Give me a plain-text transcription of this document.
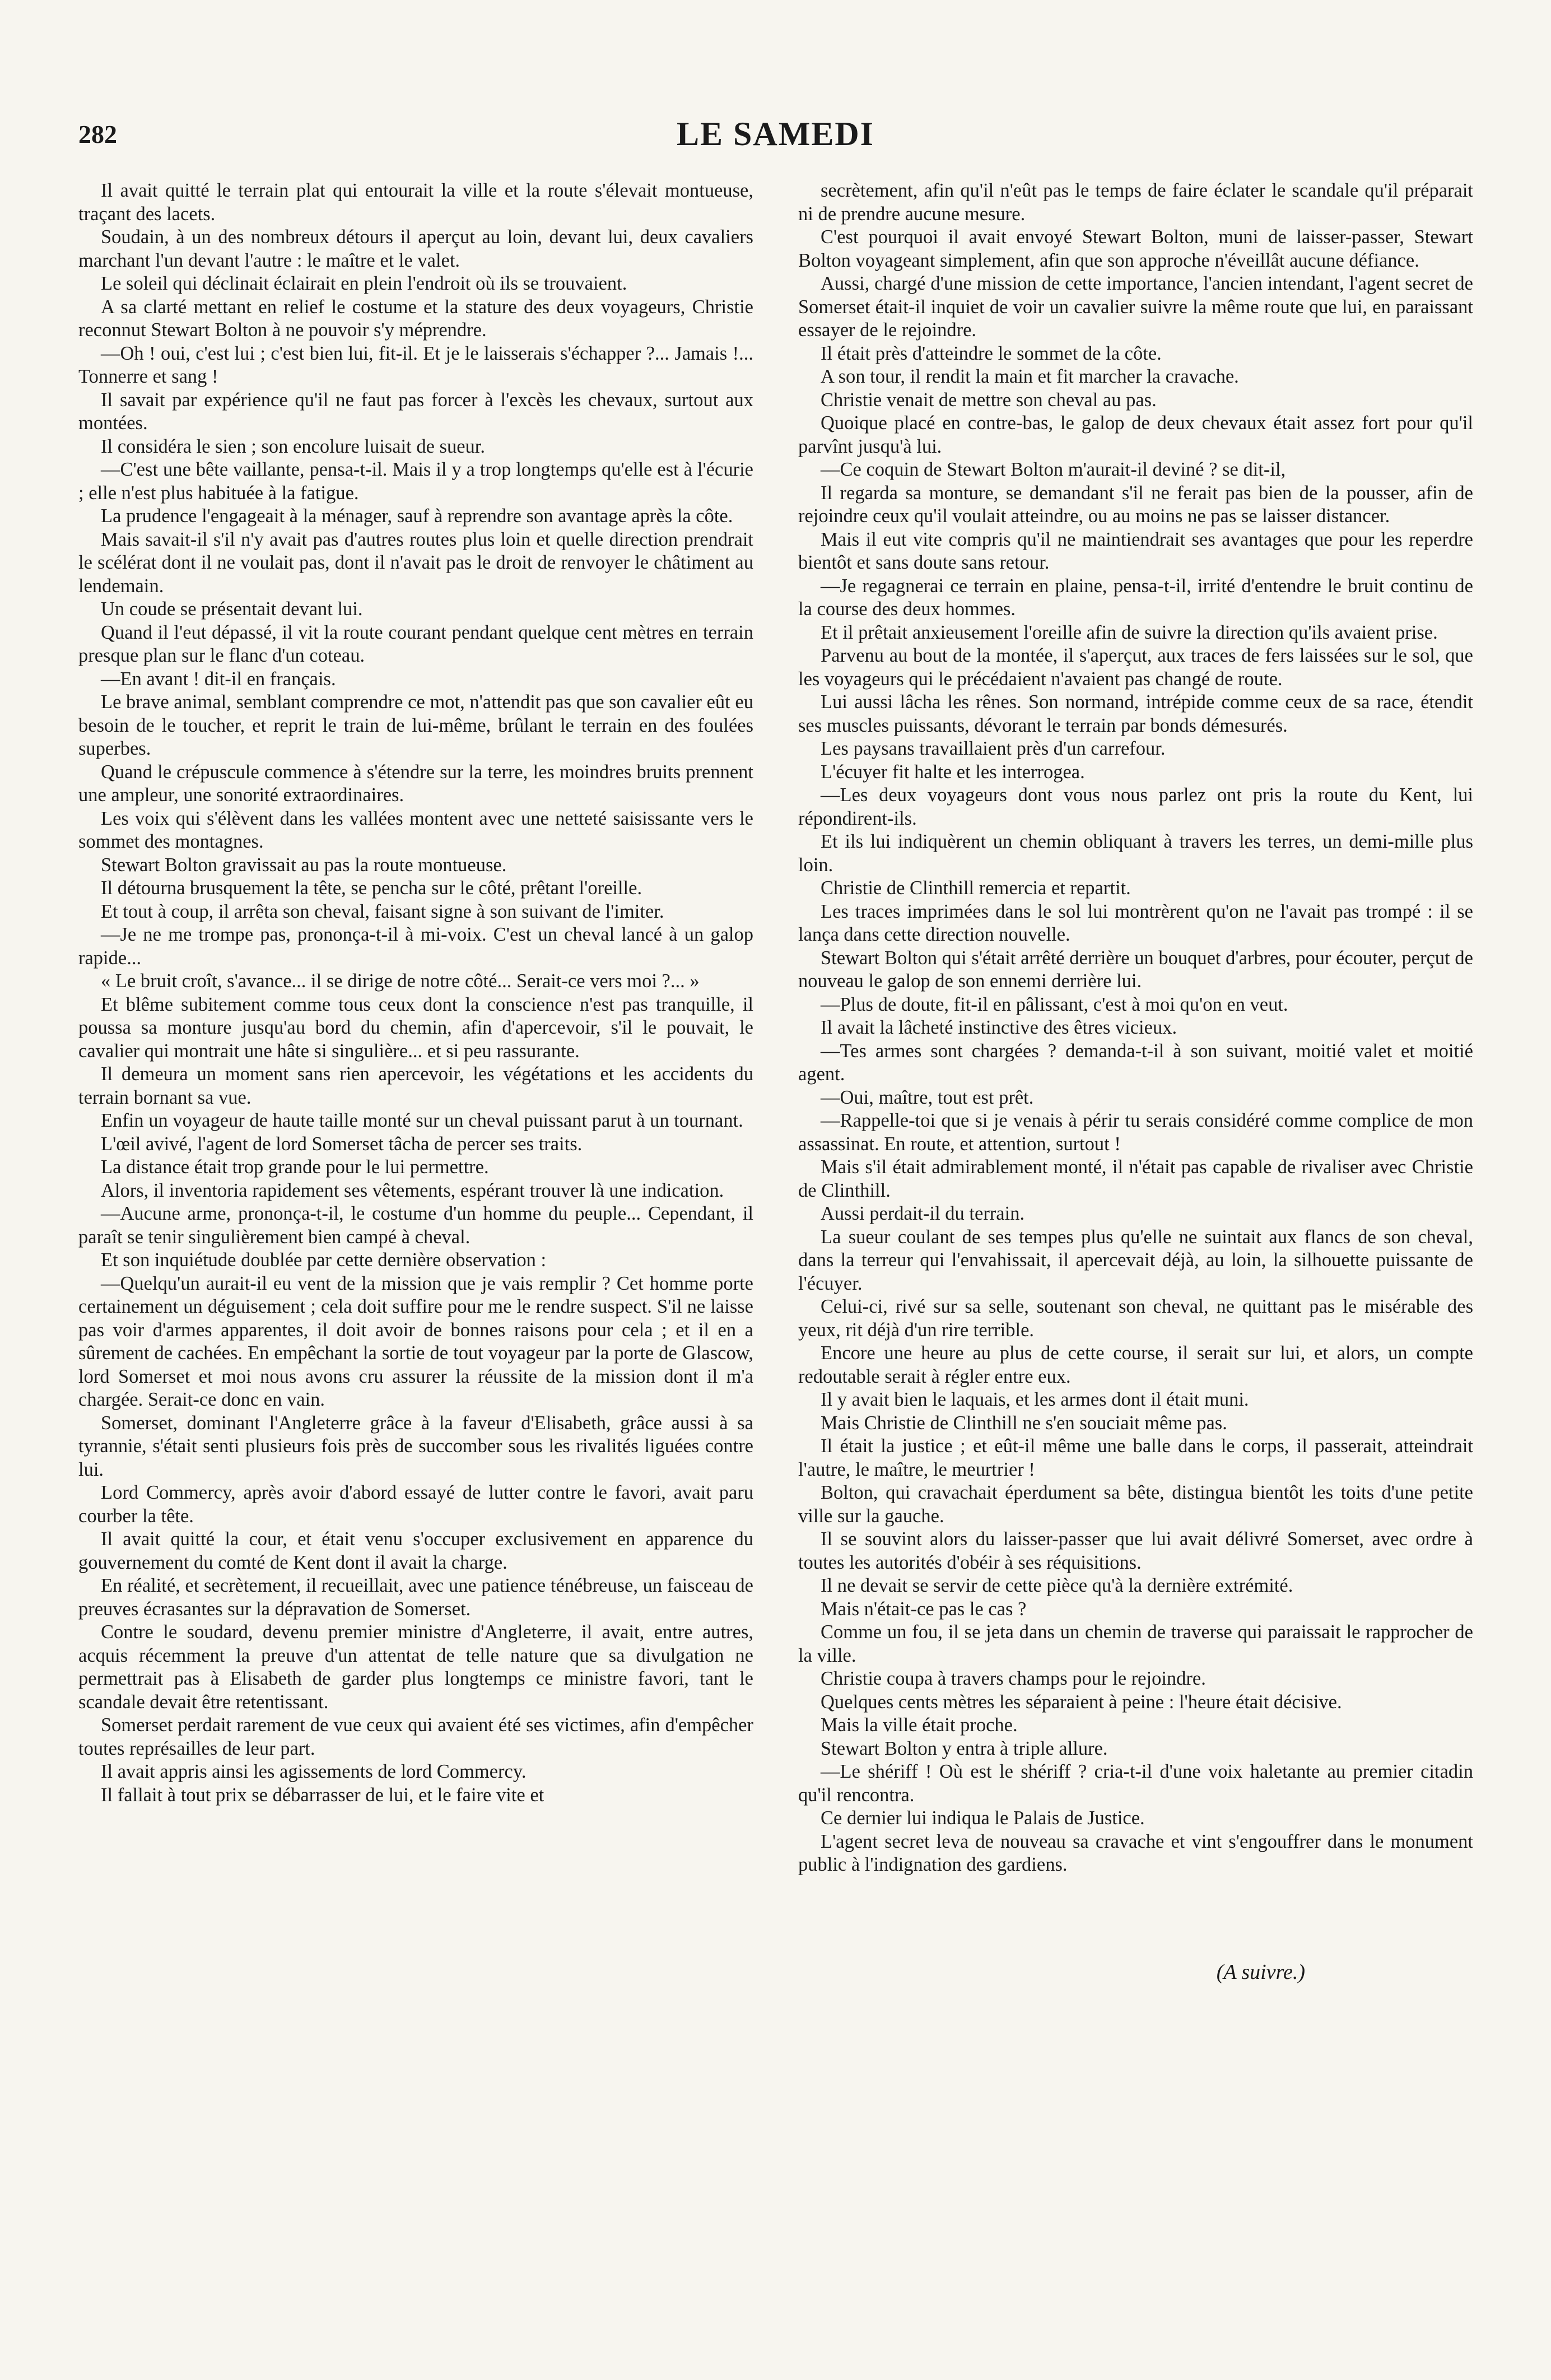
282	LE SAMEDI

Il avait quitté le terrain plat qui entourait la ville et la route s'élevait montueuse, traçant des lacets.

Soudain, à un des nombreux détours il aperçut au loin, devant lui, deux cavaliers marchant l'un devant l'autre : le maître et le valet.

Le soleil qui déclinait éclairait en plein l'endroit où ils se trouvaient.

A sa clarté mettant en relief le costume et la stature des deux voyageurs, Christie reconnut Stewart Bolton à ne pouvoir s'y méprendre.

—Oh ! oui, c'est lui ; c'est bien lui, fit-il. Et je le laisserais s'échapper ?... Jamais !... Tonnerre et sang !

Il savait par expérience qu'il ne faut pas forcer à l'excès les chevaux, surtout aux montées.

Il considéra le sien ; son encolure luisait de sueur.

—C'est une bête vaillante, pensa-t-il. Mais il y a trop longtemps qu'elle est à l'écurie ; elle n'est plus habituée à la fatigue.

La prudence l'engageait à la ménager, sauf à reprendre son avantage après la côte.

Mais savait-il s'il n'y avait pas d'autres routes plus loin et quelle direction prendrait le scélérat dont il ne voulait pas, dont il n'avait pas le droit de renvoyer le châtiment au lendemain.

Un coude se présentait devant lui.

Quand il l'eut dépassé, il vit la route courant pendant quelque cent mètres en terrain presque plan sur le flanc d'un coteau.

—En avant ! dit-il en français.

Le brave animal, semblant comprendre ce mot, n'attendit pas que son cavalier eût eu besoin de le toucher, et reprit le train de lui-même, brûlant le terrain en des foulées superbes.

Quand le crépuscule commence à s'étendre sur la terre, les moindres bruits prennent une ampleur, une sonorité extraordinaires.

Les voix qui s'élèvent dans les vallées montent avec une netteté saisissante vers le sommet des montagnes.

Stewart Bolton gravissait au pas la route montueuse.

Il détourna brusquement la tête, se pencha sur le côté, prêtant l'oreille.

Et tout à coup, il arrêta son cheval, faisant signe à son suivant de l'imiter.

—Je ne me trompe pas, prononça-t-il à mi-voix. C'est un cheval lancé à un galop rapide...

« Le bruit croît, s'avance... il se dirige de notre côté... Serait-ce vers moi ?... »

Et blême subitement comme tous ceux dont la conscience n'est pas tranquille, il poussa sa monture jusqu'au bord du chemin, afin d'apercevoir, s'il le pouvait, le cavalier qui montrait une hâte si singulière... et si peu rassurante.

Il demeura un moment sans rien apercevoir, les végétations et les accidents du terrain bornant sa vue.

Enfin un voyageur de haute taille monté sur un cheval puissant parut à un tournant.

L'œil avivé, l'agent de lord Somerset tâcha de percer ses traits.

La distance était trop grande pour le lui permettre.

Alors, il inventoria rapidement ses vêtements, espérant trouver là une indication.

—Aucune arme, prononça-t-il, le costume d'un homme du peuple... Cependant, il paraît se tenir singulièrement bien campé à cheval.

Et son inquiétude doublée par cette dernière observation :

—Quelqu'un aurait-il eu vent de la mission que je vais remplir ? Cet homme porte certainement un déguisement ; cela doit suffire pour me le rendre suspect. S'il ne laisse pas voir d'armes apparentes, il doit avoir de bonnes raisons pour cela ; et il en a sûrement de cachées. En empêchant la sortie de tout voyageur par la porte de Glascow, lord Somerset et moi nous avons cru assurer la réussite de la mission dont il m'a chargée. Serait-ce donc en vain.

Somerset, dominant l'Angleterre grâce à la faveur d'Elisabeth, grâce aussi à sa tyrannie, s'était senti plusieurs fois près de succomber sous les rivalités liguées contre lui.

Lord Commercy, après avoir d'abord essayé de lutter contre le favori, avait paru courber la tête.

Il avait quitté la cour, et était venu s'occuper exclusivement en apparence du gouvernement du comté de Kent dont il avait la charge.

En réalité, et secrètement, il recueillait, avec une patience ténébreuse, un faisceau de preuves écrasantes sur la dépravation de Somerset.

Contre le soudard, devenu premier ministre d'Angleterre, il avait, entre autres, acquis récemment la preuve d'un attentat de telle nature que sa divulgation ne permettrait pas à Elisabeth de garder plus longtemps ce ministre favori, tant le scandale devait être retentissant.

Somerset perdait rarement de vue ceux qui avaient été ses victimes, afin d'empêcher toutes représailles de leur part.

Il avait appris ainsi les agissements de lord Commercy.

Il fallait à tout prix se débarrasser de lui, et le faire vite et

secrètement, afin qu'il n'eût pas le temps de faire éclater le scandale qu'il préparait ni de prendre aucune mesure.

C'est pourquoi il avait envoyé Stewart Bolton, muni de laisser-passer, Stewart Bolton voyageant simplement, afin que son approche n'éveillât aucune défiance.

Aussi, chargé d'une mission de cette importance, l'ancien intendant, l'agent secret de Somerset était-il inquiet de voir un cavalier suivre la même route que lui, en paraissant essayer de le rejoindre.

Il était près d'atteindre le sommet de la côte.

A son tour, il rendit la main et fit marcher la cravache.

Christie venait de mettre son cheval au pas.

Quoique placé en contre-bas, le galop de deux chevaux était assez fort pour qu'il parvînt jusqu'à lui.

—Ce coquin de Stewart Bolton m'aurait-il deviné ? se dit-il,

Il regarda sa monture, se demandant s'il ne ferait pas bien de la pousser, afin de rejoindre ceux qu'il voulait atteindre, ou au moins ne pas se laisser distancer.

Mais il eut vite compris qu'il ne maintiendrait ses avantages que pour les reperdre bientôt et sans doute sans retour.

—Je regagnerai ce terrain en plaine, pensa-t-il, irrité d'entendre le bruit continu de la course des deux hommes.

Et il prêtait anxieusement l'oreille afin de suivre la direction qu'ils avaient prise.

Parvenu au bout de la montée, il s'aperçut, aux traces de fers laissées sur le sol, que les voyageurs qui le précédaient n'avaient pas changé de route.

Lui aussi lâcha les rênes. Son normand, intrépide comme ceux de sa race, étendit ses muscles puissants, dévorant le terrain par bonds démesurés.

Les paysans travaillaient près d'un carrefour.

L'écuyer fit halte et les interrogea.

—Les deux voyageurs dont vous nous parlez ont pris la route du Kent, lui répondirent-ils.

Et ils lui indiquèrent un chemin obliquant à travers les terres, un demi-mille plus loin.

Christie de Clinthill remercia et repartit.

Les traces imprimées dans le sol lui montrèrent qu'on ne l'avait pas trompé : il se lança dans cette direction nouvelle.

Stewart Bolton qui s'était arrêté derrière un bouquet d'arbres, pour écouter, perçut de nouveau le galop de son ennemi derrière lui.

—Plus de doute, fit-il en pâlissant, c'est à moi qu'on en veut.

Il avait la lâcheté instinctive des êtres vicieux.

—Tes armes sont chargées ? demanda-t-il à son suivant, moitié valet et moitié agent.

—Oui, maître, tout est prêt.

—Rappelle-toi que si je venais à périr tu serais considéré comme complice de mon assassinat. En route, et attention, surtout !

Mais s'il était admirablement monté, il n'était pas capable de rivaliser avec Christie de Clinthill.

Aussi perdait-il du terrain.

La sueur coulant de ses tempes plus qu'elle ne suintait aux flancs de son cheval, dans la terreur qui l'envahissait, il apercevait déjà, au loin, la silhouette puissante de l'écuyer.

Celui-ci, rivé sur sa selle, soutenant son cheval, ne quittant pas le misérable des yeux, rit déjà d'un rire terrible.

Encore une heure au plus de cette course, il serait sur lui, et alors, un compte redoutable serait à régler entre eux.

Il y avait bien le laquais, et les armes dont il était muni.

Mais Christie de Clinthill ne s'en souciait même pas.

Il était la justice ; et eût-il même une balle dans le corps, il passerait, atteindrait l'autre, le maître, le meurtrier !

Bolton, qui cravachait éperdument sa bête, distingua bientôt les toits d'une petite ville sur la gauche.

Il se souvint alors du laisser-passer que lui avait délivré Somerset, avec ordre à toutes les autorités d'obéir à ses réquisitions.

Il ne devait se servir de cette pièce qu'à la dernière extrémité.

Mais n'était-ce pas le cas ?

Comme un fou, il se jeta dans un chemin de traverse qui paraissait le rapprocher de la ville.

Christie coupa à travers champs pour le rejoindre.

Quelques cents mètres les séparaient à peine : l'heure était décisive.

Mais la ville était proche.

Stewart Bolton y entra à triple allure.

—Le shériff ! Où est le shériff ? cria-t-il d'une voix haletante au premier citadin qu'il rencontra.

Ce dernier lui indiqua le Palais de Justice.

L'agent secret leva de nouveau sa cravache et vint s'engouffrer dans le monument public à l'indignation des gardiens.

(A suivre.)
